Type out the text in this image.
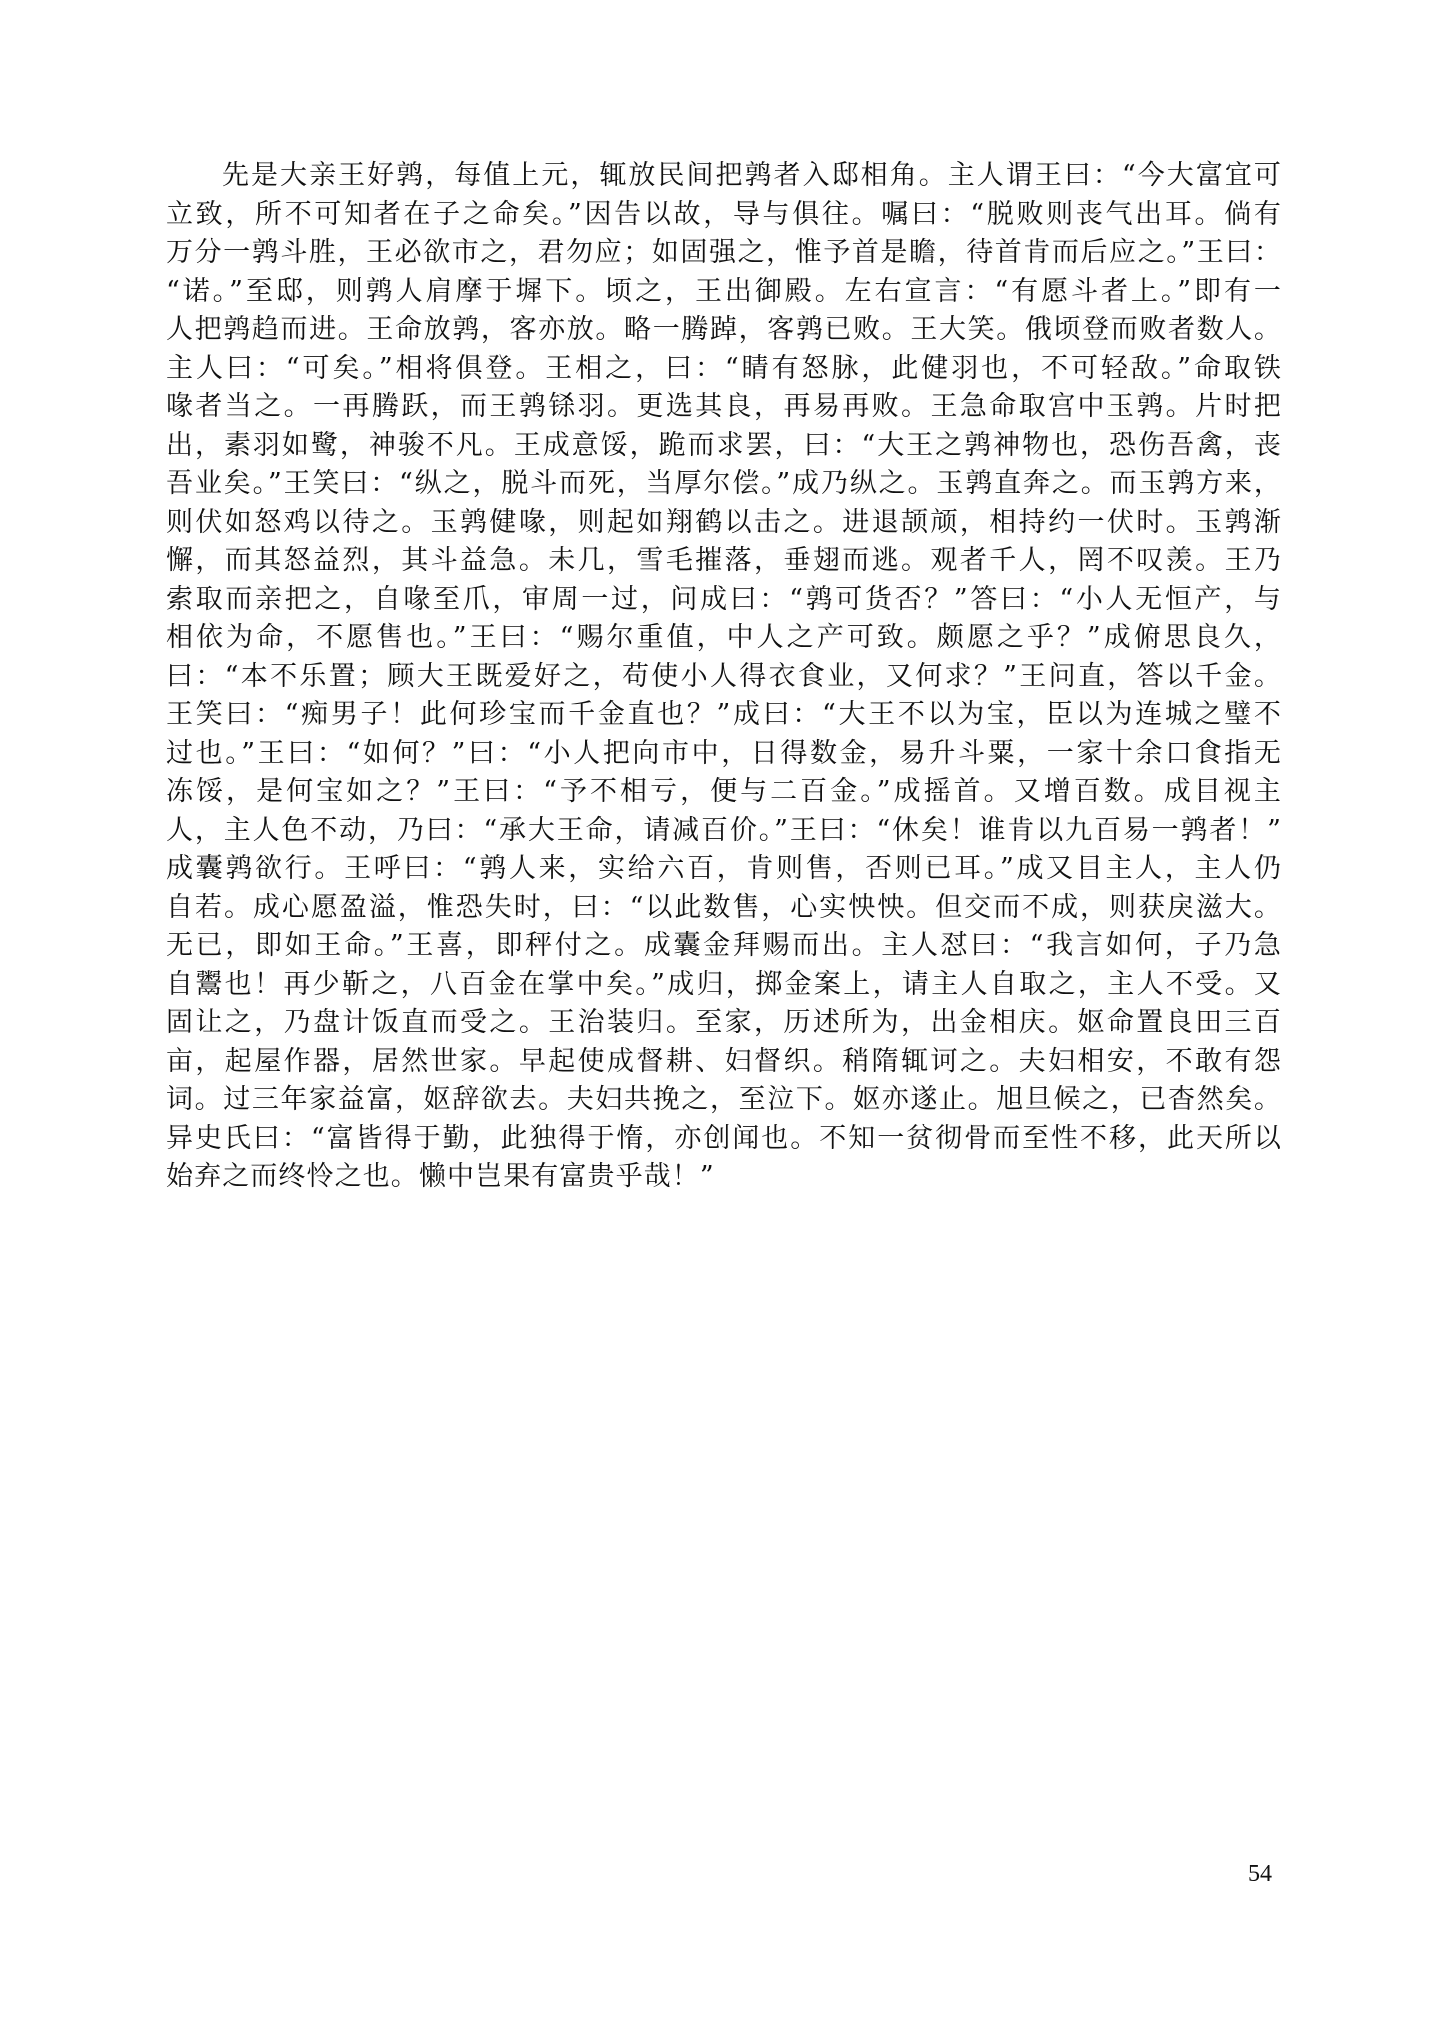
先是大亲王好鹑，每值上元，辄放民间把鹑者入邸相角。主人谓王曰：“今大富宜可
立致，所不可知者在子之命矣。”因告以故，导与俱往。嘱曰：“脱败则丧气出耳。倘有
万分一鹑斗胜，王必欲市之，君勿应；如固强之，惟予首是瞻，待首肯而后应之。”王曰：
“诺。”至邸，则鹑人肩摩于墀下。顷之，王出御殿。左右宣言：“有愿斗者上。”即有一
人把鹑趋而进。王命放鹑，客亦放。略一腾踔，客鹑已败。王大笑。俄顷登而败者数人。
主人曰：“可矣。”相将俱登。王相之，曰：“睛有怒脉，此健羽也，不可轻敌。”命取铁
喙者当之。一再腾跃，而王鹑铩羽。更选其良，再易再败。王急命取宫中玉鹑。片时把
出，素羽如鹭，神骏不凡。王成意馁，跪而求罢，曰：“大王之鹑神物也，恐伤吾禽，丧
吾业矣。”王笑曰：“纵之，脱斗而死，当厚尔偿。”成乃纵之。玉鹑直奔之。而玉鹑方来，
则伏如怒鸡以待之。玉鹑健喙，则起如翔鹤以击之。进退颉颃，相持约一伏时。玉鹑渐
懈，而其怒益烈，其斗益急。未几，雪毛摧落，垂翅而逃。观者千人，罔不叹羡。王乃
索取而亲把之，自喙至爪，审周一过，问成曰：“鹑可货否？”答曰：“小人无恒产，与
相依为命，不愿售也。”王曰：“赐尔重值，中人之产可致。颇愿之乎？”成俯思良久，
曰：“本不乐置；顾大王既爱好之，苟使小人得衣食业，又何求？”王问直，答以千金。
王笑曰：“痴男子！此何珍宝而千金直也？”成曰：“大王不以为宝，臣以为连城之璧不
过也。”王曰：“如何？”曰：“小人把向市中，日得数金，易升斗粟，一家十余口食指无
冻馁，是何宝如之？”王曰：“予不相亏，便与二百金。”成摇首。又增百数。成目视主
人，主人色不动，乃曰：“承大王命，请减百价。”王曰：“休矣！谁肯以九百易一鹑者！”
成囊鹑欲行。王呼曰：“鹑人来，实给六百，肯则售，否则已耳。”成又目主人，主人仍
自若。成心愿盈溢，惟恐失时，曰：“以此数售，心实怏怏。但交而不成，则获戾滋大。
无已，即如王命。”王喜，即秤付之。成囊金拜赐而出。主人怼曰：“我言如何，子乃急
自鬻也！再少靳之，八百金在掌中矣。”成归，掷金案上，请主人自取之，主人不受。又
固让之，乃盘计饭直而受之。王治装归。至家，历述所为，出金相庆。妪命置良田三百
亩，起屋作器，居然世家。早起使成督耕、妇督织。稍隋辄诃之。夫妇相安，不敢有怨
词。过三年家益富，妪辞欲去。夫妇共挽之，至泣下。妪亦遂止。旭旦候之，已杳然矣。
异史氏曰：“富皆得于勤，此独得于惰，亦创闻也。不知一贫彻骨而至性不移，此天所以
始弃之而终怜之也。懒中岂果有富贵乎哉！”
54
